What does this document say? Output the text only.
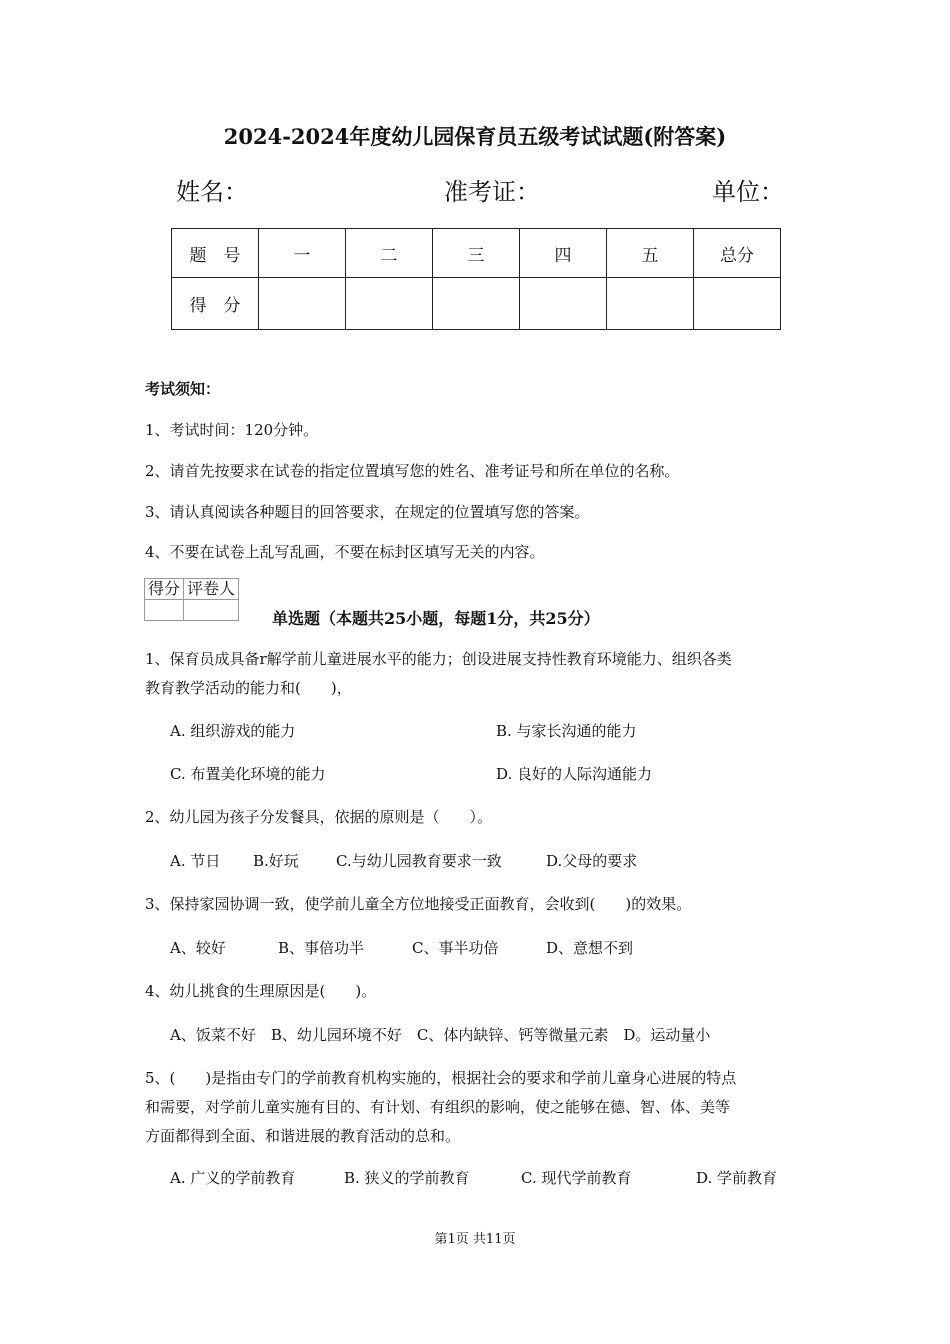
2024-2024年度幼儿园保育员五级考试试题(附答案)
姓名：	准考证：	单位：
题　号	一	二	三	四	五	总分
得　分						
考试须知：
1、考试时间：120分钟。
2、请首先按要求在试卷的指定位置填写您的姓名、准考证号和所在单位的名称。
3、请认真阅读各种题目的回答要求，在规定的位置填写您的答案。
4、不要在试卷上乱写乱画，不要在标封区填写无关的内容。
得分	评卷人

单选题（本题共25小题，每题1分，共25分）
1、保育员成具备r解学前儿童进展水平的能力；创设进展支持性教育环境能力、组织各类
教育教学活动的能力和(　　)，
A. 组织游戏的能力	B. 与家长沟通的能力
C. 布置美化环境的能力	D. 良好的人际沟通能力
2、幼儿园为孩子分发餐具，依据的原则是（　　）。
A. 节日 B.好玩 C.与幼儿园教育要求一致	D.父母的要求
3、保持家园协调一致，使学前儿童全方位地接受正面教育，会收到(　　)的效果。
A、较好	B、事倍功半	C、事半功倍	D、意想不到
4、幼儿挑食的生理原因是(　　)。
A、饭菜不好　B、幼儿园环境不好　C、体内缺锌、钙等微量元素　D。运动量小
5、(　　)是指由专门的学前教育机构实施的，根据社会的要求和学前儿童身心进展的特点
和需要，对学前儿童实施有目的、有计划、有组织的影响，使之能够在德、智、体、美等
方面都得到全面、和谐进展的教育活动的总和。
A. 广义的学前教育	B. 狭义的学前教育	C. 现代学前教育	D. 学前教育
第1页 共11页
